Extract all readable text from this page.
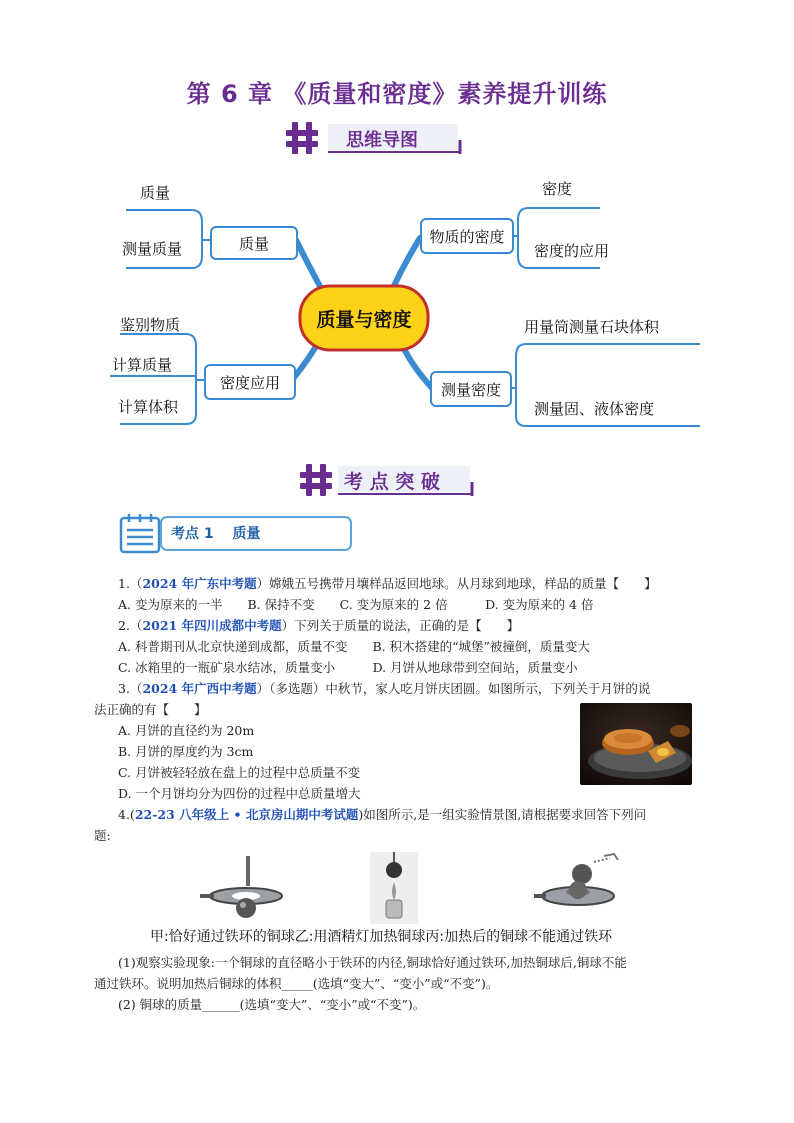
第 6 章 《质量和密度》素养提升训练
思维导图
质量与密度
质量	物质的密度
密度应用	测量密度
质量
测量质量
密度
密度的应用
鉴别物质
计算质量
计算体积
用量筒测量石块体积
测量固、液体密度
考 点 突 破
考点 1　 质量
1.（2024 年广东中考题）嫦娥五号携带月壤样品返回地球。从月球到地球，样品的质量【　　】
A. 变为原来的一半　　B. 保持不变　　C. 变为原来的 2 倍　　　D. 变为原来的 4 倍
2.（2021 年四川成都中考题）下列关于质量的说法，正确的是【　　】
A. 科普期刊从北京快递到成都，质量不变　　B. 积木搭建的“城堡”被撞倒，质量变大
C. 冰箱里的一瓶矿泉水结冰，质量变小　　　D. 月饼从地球带到空间站，质量变小
3.（2024 年广西中考题）（多选题）中秋节，家人吃月饼庆团圆。如图所示，下列关于月饼的说
法正确的有【　　】
A. 月饼的直径约为 20m
B. 月饼的厚度约为 3cm
C. 月饼被轻轻放在盘上的过程中总质量不变
D. 一个月饼均分为四份的过程中总质量增大
4.(22-23 八年级上 • 北京房山期中考试题)如图所示,是一组实验情景图,请根据要求回答下列问
题:
甲:恰好通过铁环的铜球乙:用酒精灯加热铜球丙:加热后的铜球不能通过铁环
(1)观察实验现象:一个铜球的直径略小于铁环的内径,铜球恰好通过铁环,加热铜球后,铜球不能
通过铁环。说明加热后铜球的体积_____(选填“变大”、“变小”或“不变”)。
(2) 铜球的质量______(选填“变大”、“变小”或“不变”)。
